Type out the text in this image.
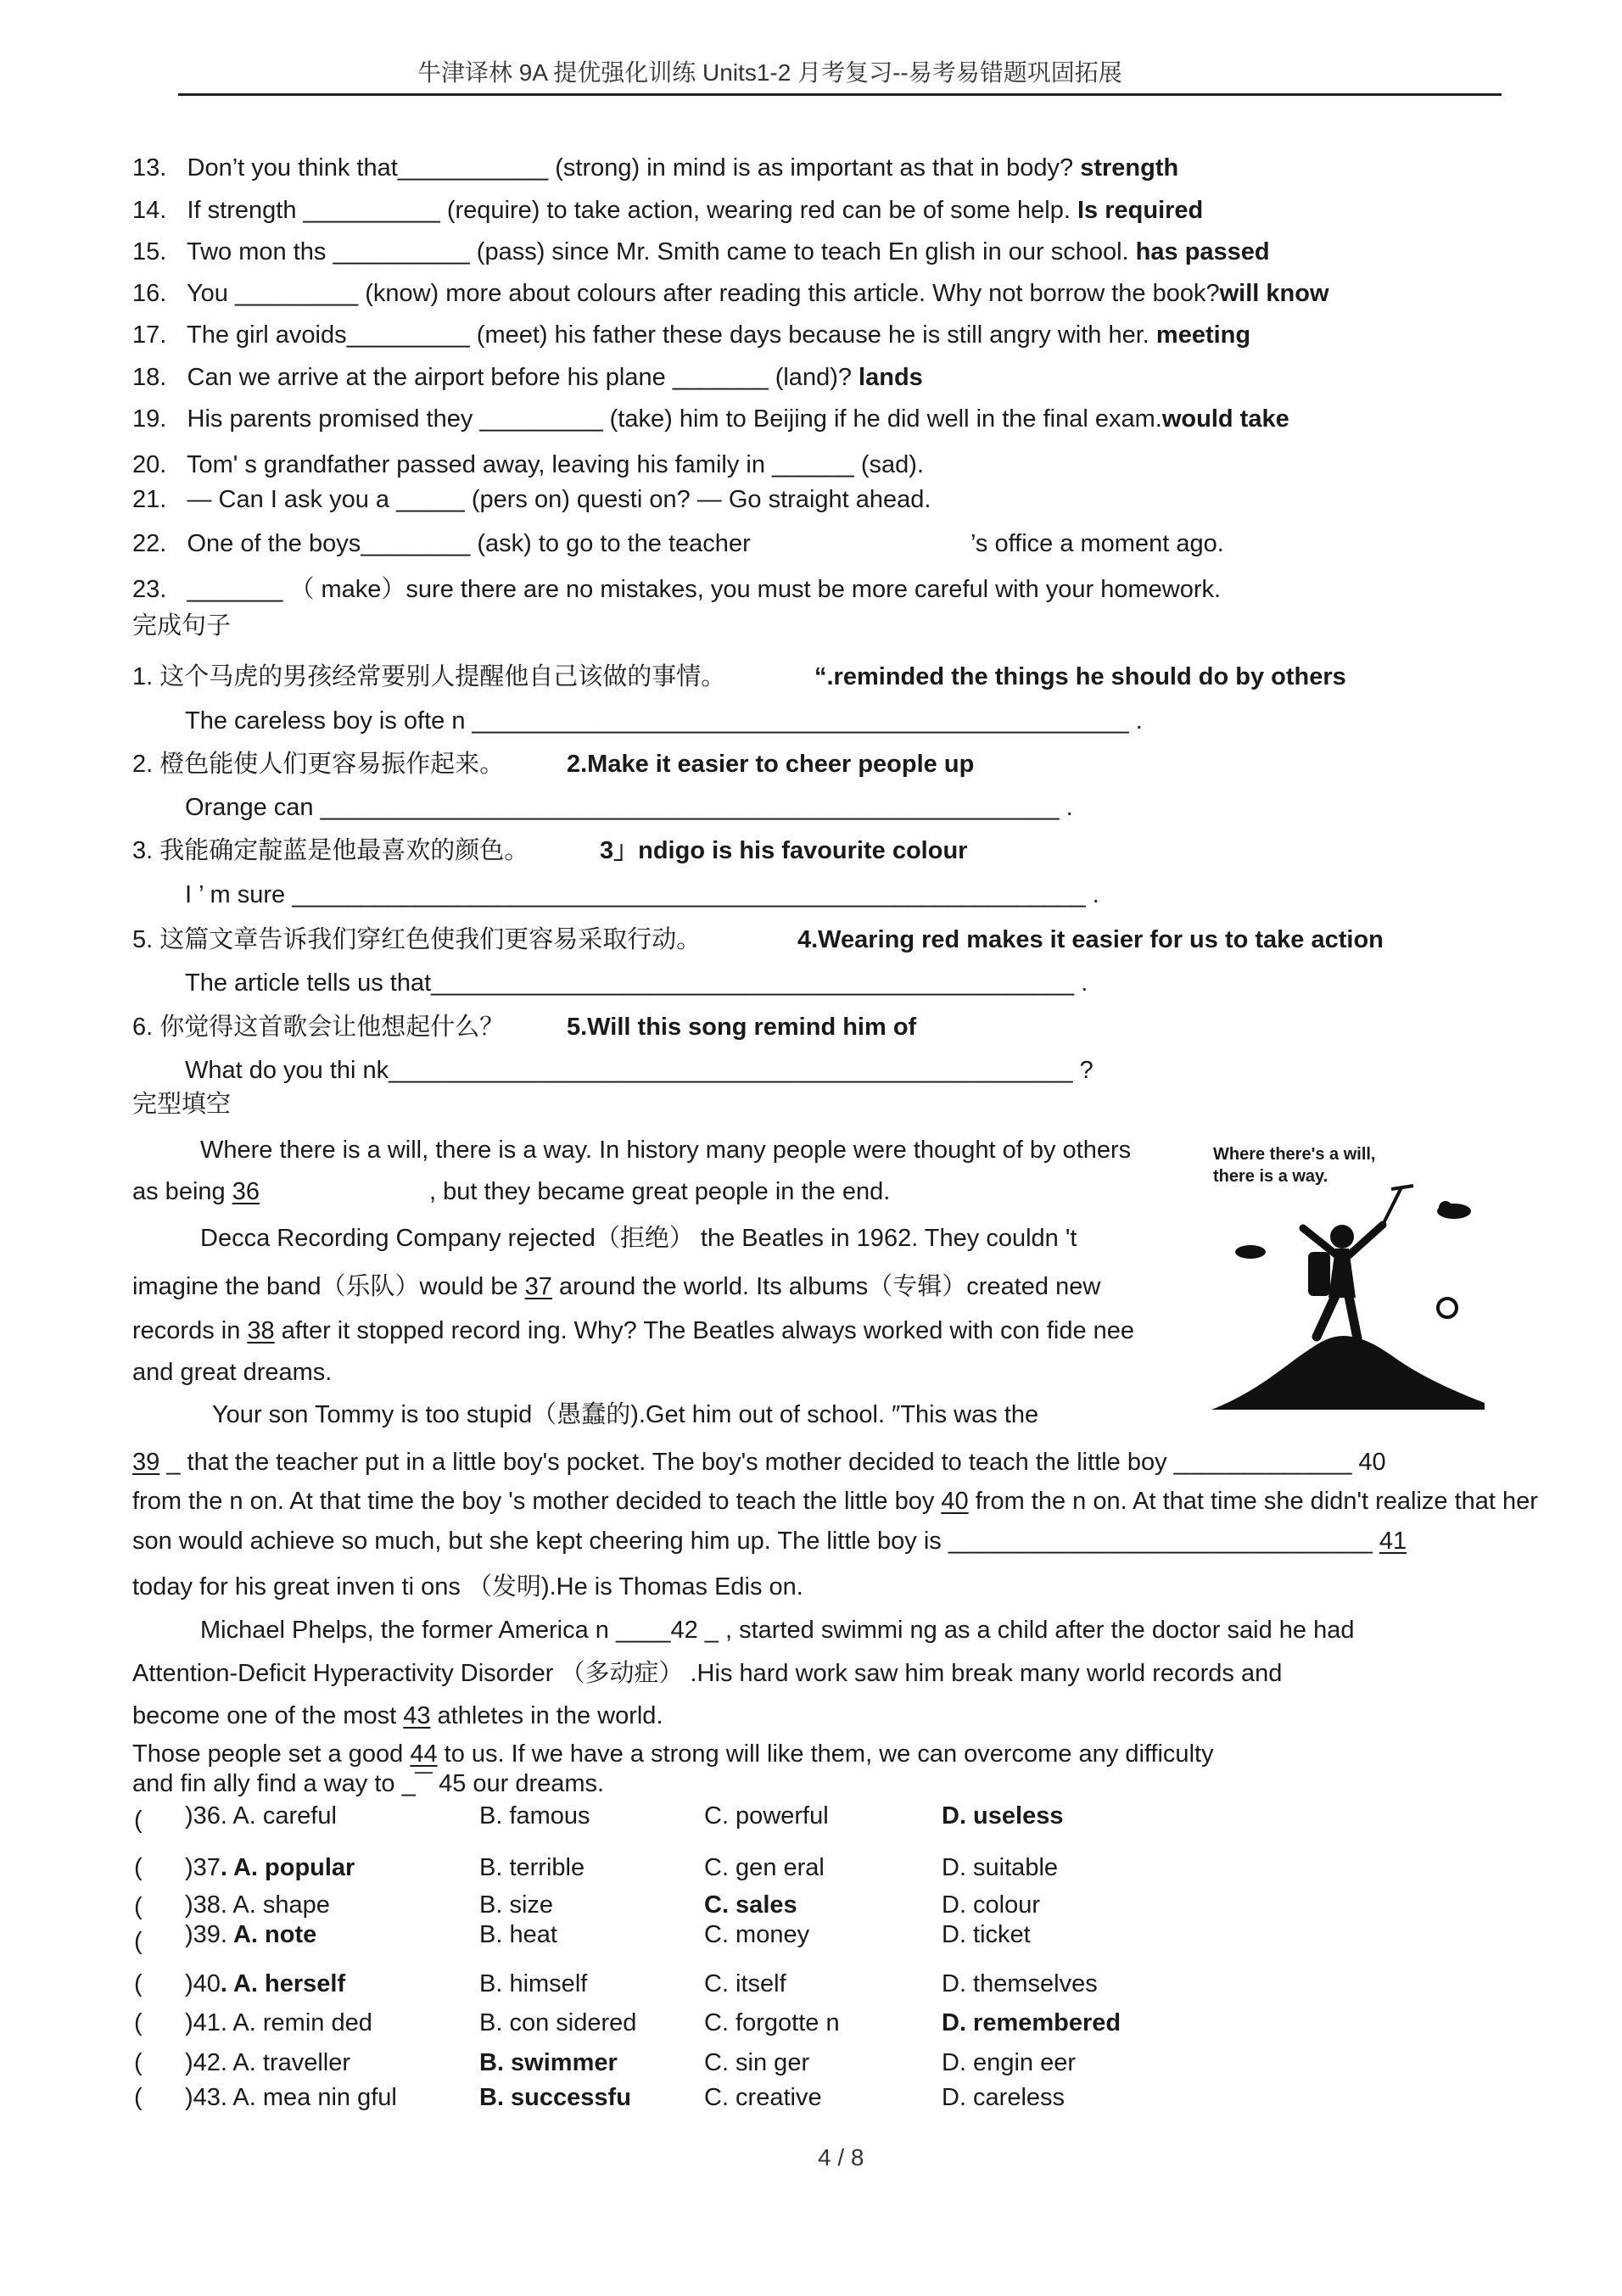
牛津译林 9A 提优强化训练 Units1-2 月考复习--易考易错题巩固拓展
13. Don’t you think that___________ (strong) in mind is as important as that in body? strength
14. If strength __________ (require) to take action, wearing red can be of some help. Is required
15. Two mon ths __________ (pass) since Mr. Smith came to teach En glish in our school. has passed
16. You _________ (know) more about colours after reading this article. Why not borrow the book?will know
17. The girl avoids_________ (meet) his father these days because he is still angry with her. meeting
18. Can we arrive at the airport before his plane _______ (land)? lands
19. His parents promised they _________ (take) him to Beijing if he did well in the final exam.would take
20. Tom' s grandfather passed away, leaving his family in ______ (sad).
21. — Can I ask you a _____ (pers on) questi on? — Go straight ahead.
22. One of the boys________ (ask) to go to the teacher	’s office a moment ago.
23. _______ （ make）sure there are no mistakes, you must be more careful with your homework.
完成句子
1. 这个马虎的男孩经常要别人提醒他自己该做的事情。	“.reminded the things he should do by others
The careless boy is ofte n ________________________________________________ .
2. 橙色能使人们更容易振作起来。	2.Make it easier to cheer people up
Orange can ______________________________________________________ .
3. 我能确定靛蓝是他最喜欢的颜色。	3」ndigo is his favourite colour
I ’ m sure __________________________________________________________ .
5. 这篇文章告诉我们穿红色使我们更容易采取行动。	4.Wearing red makes it easier for us to take action
The article tells us that_______________________________________________ .
6. 你觉得这首歌会让他想起什么？	5.Will this song remind him of
What do you thi nk__________________________________________________ ?
完型填空
Where there is a will, there is a way. In history many people were thought of by others
as being 36	, but they became great people in the end.
Decca Recording Company rejected（拒绝） the Beatles in 1962. They couldn 't
imagine the band（乐队）would be 37 around the world. Its albums（专辑）created new
records in 38 after it stopped record ing. Why? The Beatles always worked with con fide nee
and great dreams.
Your son Tommy is too stupid（愚蠢的).Get him out of school. ″This was the
39 _ that the teacher put in a little boy's pocket. The boy's mother decided to teach the little boy _____________ 40
from the n on. At that time the boy 's mother decided to teach the little boy 40 from the n on. At that time she didn't realize that her
son would achieve so much, but she kept cheering him up. The little boy is _______________________________ 41
today for his great inven ti ons （发明).He is Thomas Edis on.
Michael Phelps, the former America n ____42 _ , started swimmi ng as a child after the doctor said he had
Attention-Deficit Hyperactivity Disorder （多动症） .His hard work saw him break many world records and
become one of the most 43 athletes in the world.
Those people set a good 44 to us. If we have a strong will like them, we can overcome any difficulty
and fin ally find a way to _‾‾ 45 our dreams.
Where there's a will, there is a way.
( )36. A. careful	B. famous	C. powerful	D. useless
( )37. A. popular	B. terrible	C. gen eral	D. suitable
( )38. A. shape	B. size	C. sales	D. colour
( )39. A. note	B. heat	C. money	D. ticket
( )40. A. herself	B. himself	C. itself	D. themselves
( )41. A. remin ded	B. con sidered	C. forgotte n	D. remembered
( )42. A. traveller	B. swimmer	C. sin ger	D. engin eer
( )43. A. mea nin gful	B. successfu	C. creative	D. careless
4 / 8
